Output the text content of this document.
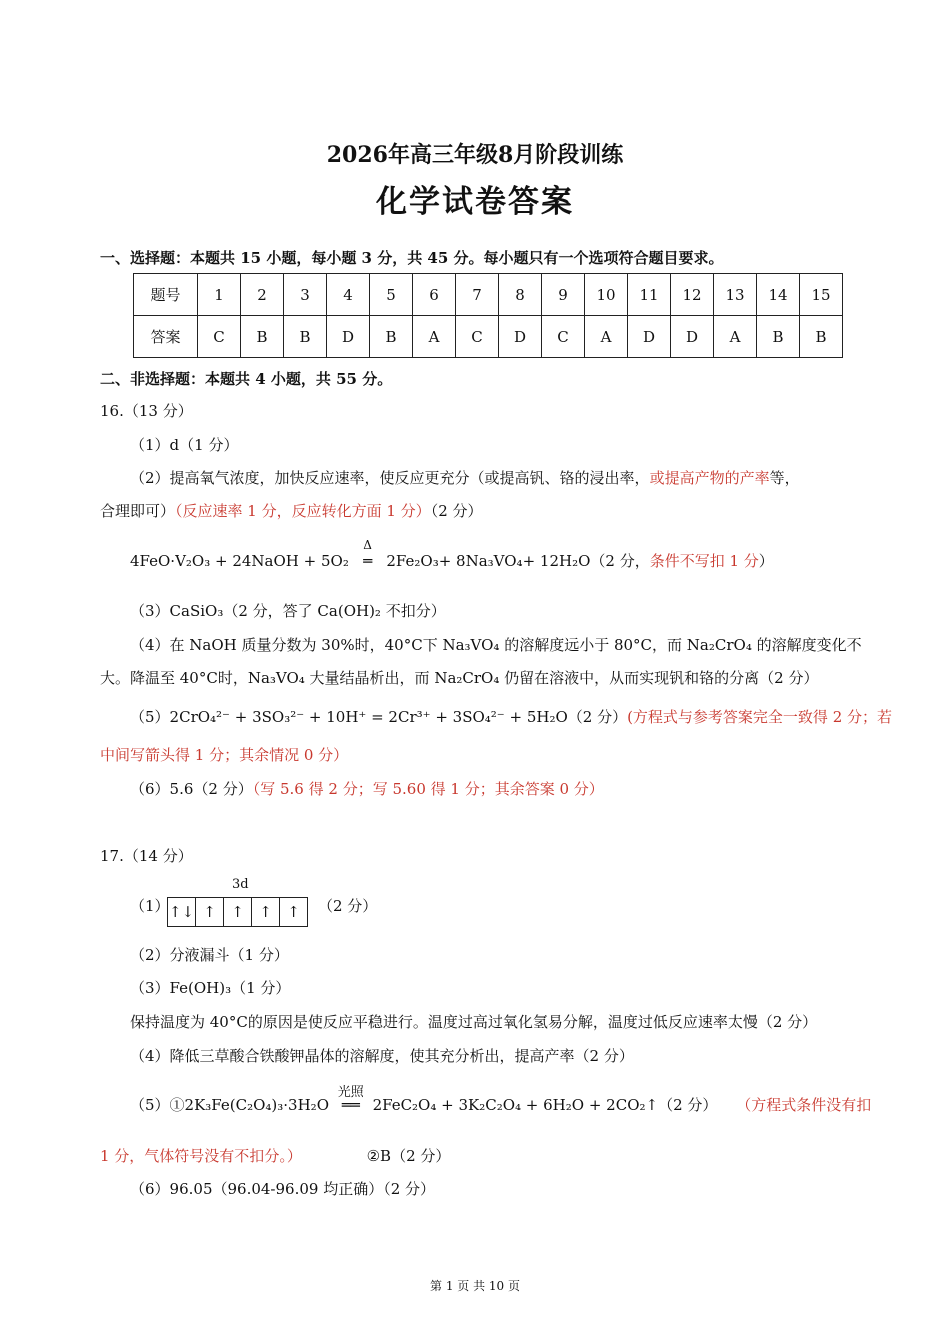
2026年高三年级8月阶段训练
化学试卷答案
一、选择题：本题共 15 小题，每小题 3 分，共 45 分。每小题只有一个选项符合题目要求。
题号	1	2	3	4	5	6	7	8	9	10	11	12	13	14	15
答案	C	B	B	D	B	A	C	D	C	A	D	D	A	B	B
二、非选择题：本题共 4 小题，共 55 分。
16.（13 分）
（1）d（1 分）
（2）提高氧气浓度，加快反应速率，使反应更充分（或提高钒、铬的浸出率，或提高产物的产率等，
合理即可）（反应速率 1 分，反应转化方面 1 分）（2 分）
4FeO·V₂O₃ + 24NaOH + 5O₂
Δ
═ 2Fe₂O₃+ 8Na₃VO₄+ 12H₂O（2 分，条件不写扣 1 分）
（3）CaSiO₃（2 分，答了 Ca(OH)₂ 不扣分）
（4）在 NaOH 质量分数为 30%时，40°C下 Na₃VO₄ 的溶解度远小于 80°C，而 Na₂CrO₄ 的溶解度变化不
大。降温至 40°C时，Na₃VO₄ 大量结晶析出，而 Na₂CrO₄ 仍留在溶液中，从而实现钒和铬的分离（2 分）
（5）2CrO₄²⁻ + 3SO₃²⁻ + 10H⁺ = 2Cr³⁺ + 3SO₄²⁻ + 5H₂O（2 分）(方程式与参考答案完全一致得 2 分；若
中间写箭头得 1 分；其余情况 0 分）
（6）5.6（2 分）（写 5.6 得 2 分；写 5.60 得 1 分；其余答案 0 分）
17.（14 分）
3d
（1） ↑↓ ↑	↑	↑	↑	（2 分）
（2）分液漏斗（1 分）
（3）Fe(OH)₃（1 分）
保持温度为 40°C的原因是使反应平稳进行。温度过高过氧化氢易分解，温度过低反应速率太慢（2 分）
（4）降低三草酸合铁酸钾晶体的溶解度，使其充分析出，提高产率（2 分）
（5）①2K₃Fe(C₂O₄)₃·3H₂O
光照
══ 2FeC₂O₄ + 3K₂C₂O₄ + 6H₂O + 2CO₂↑（2 分） （方程式条件没有扣
1 分，气体符号没有不扣分。）	②B（2 分）
（6）96.05（96.04-96.09 均正确）（2 分）
第 1 页 共 10 页
